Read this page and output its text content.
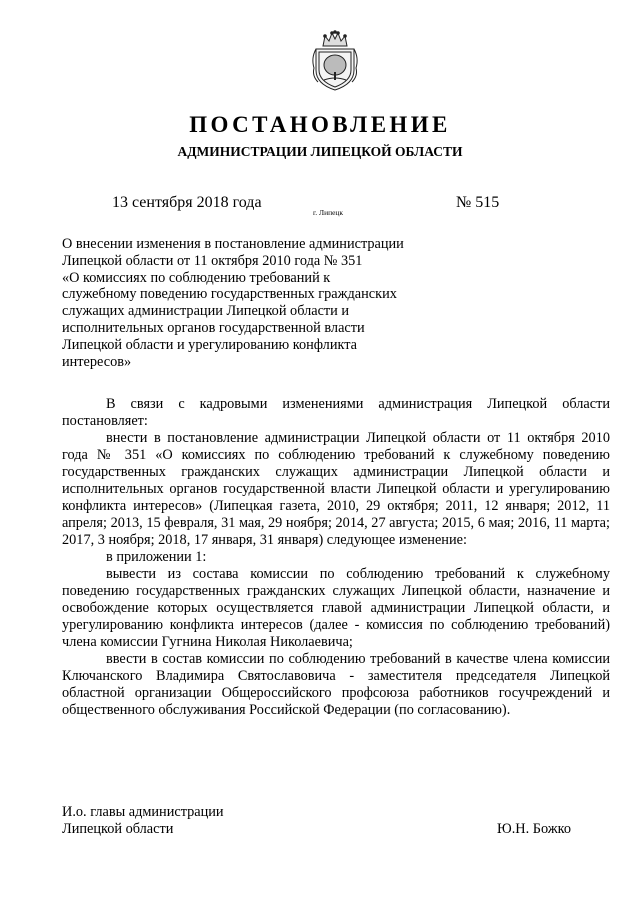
ПОСТАНОВЛЕНИЕ
АДМИНИСТРАЦИИ ЛИПЕЦКОЙ ОБЛАСТИ
13 сентября 2018 года
г. Липецк
№ 515
О внесении изменения в постановление администрации
Липецкой области от 11 октября 2010 года № 351
«О комиссиях по соблюдению требований к
служебному поведению государственных гражданских
служащих администрации Липецкой области и
исполнительных органов государственной власти
Липецкой области и урегулированию конфликта
интересов»

В связи с кадровыми изменениями администрация Липецкой области постановляет:

внести в постановление администрации Липецкой области от 11 октября 2010 года № 351 «О комиссиях по соблюдению требований к служебному поведению государственных гражданских служащих администрации Липецкой области и исполнительных органов государственной власти Липецкой области и урегулированию конфликта интересов» (Липецкая газета, 2010, 29 октября; 2011, 12 января; 2012, 11 апреля; 2013, 15 февраля, 31 мая, 29 ноября; 2014, 27 августа; 2015, 6 мая; 2016, 11 марта; 2017, 3 ноября; 2018, 17 января, 31 января) следующее изменение:

в приложении 1:

вывести из состава комиссии по соблюдению требований к служебному поведению государственных гражданских служащих Липецкой области, назначение и освобождение которых осуществляется главой администрации Липецкой области, и урегулированию конфликта интересов (далее - комиссия по соблюдению требований) члена комиссии Гугнина Николая Николаевича;

ввести в состав комиссии по соблюдению требований в качестве члена комиссии Ключанского Владимира Святославовича - заместителя председателя Липецкой областной организации Общероссийского профсоюза работников госучреждений и общественного обслуживания Российской Федерации (по согласованию).

И.о. главы администрации
Липецкой области	Ю.Н. Божко
